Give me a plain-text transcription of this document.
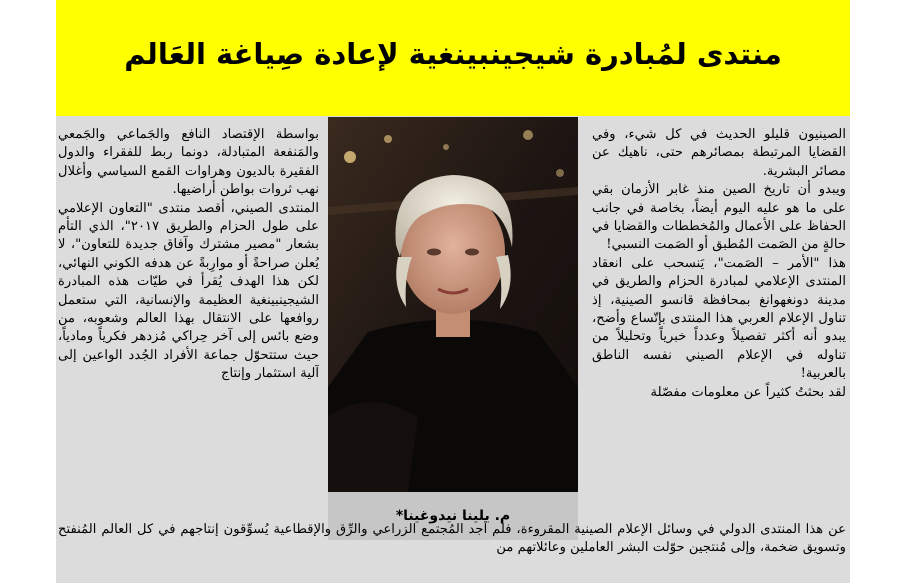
منتدى لمُبادرة شيجينبينغية لإعادة صِياغة العَالم

الصينيون قليلو الحديث في كل شيء، وفي القضايا المرتبطة بمصائرهم حتى، ناهيك عن مصائر البشرية.

ويبدو أن تاريخ الصين منذ غابر الأزمان بقي على ما هو عليه اليوم أيضاً، بخاصة في جانب الحفاظ على الأعمال والمُخططات والقضايا في حالةٍ من الصَمت المُطبق أو الصَمت النسبي!

هذا "الأمر – الصَمت"، يَنسحب على انعقاد المنتدى الإعلامي لمبادرة الحزام والطريق في مدينة دونغهوانغ بمحافظة قانسو الصينية، إذ تناول الإعلام العربي هذا المنتدى بإتّساع وأضح، يبدو أنه أكثر تفصيلاً وعدداً خبرياً وتحليلاً من تناوله في الإعلام الصيني نفسه الناطق بالعربية!

لقد بحثتُ كثيراً عن معلومات مفصّلة

م. يلينا نيدوغينا*

بواسطة الإقتصاد النافع والجَماعي والجَمعي والمَنفعة المتبادلة، دونما ربط للفقراء والدول الفقيرة بالديون وهراوات القمع السياسي وأغلال نهب ثروات بواطن أراضيها.

المنتدى الصيني، أقصد منتدى "التعاون الإعلامي على طول الحزام والطريق ٢٠١٧"، الذي التأم بشعار "مصير مشترك وآفاق جديدة للتعاون"، لا يُعلن صراحةً أو موارِبةً عن هدفه الكوني النهائي، لكن هذا الهدف يُقرأ في طيّات هذه المبادرة الشيجينبينغية العظيمة والإنسانية، التي ستعمل روافعها على الانتقال بهذا العالم وشعوبه، من وضع بائس إلى آخر حِراكي مُزدهر فكرياً ومادياً، حيث ستتحوّل جماعة الأفراد الجُدد الواعين إلى آلية استثمار وإنتاج

عن هذا المنتدى الدولي في وسائل الإعلام الصينية المقروءة، فلم أجد المُجتمع الزراعي والرِّق والإقطاعية يُسوِّقون إنتاجهم في كل العالم المُنفتح وتسويق ضخمة، وإلى مُنتجين حوّلت البشر العاملين وعائلاتهم من
